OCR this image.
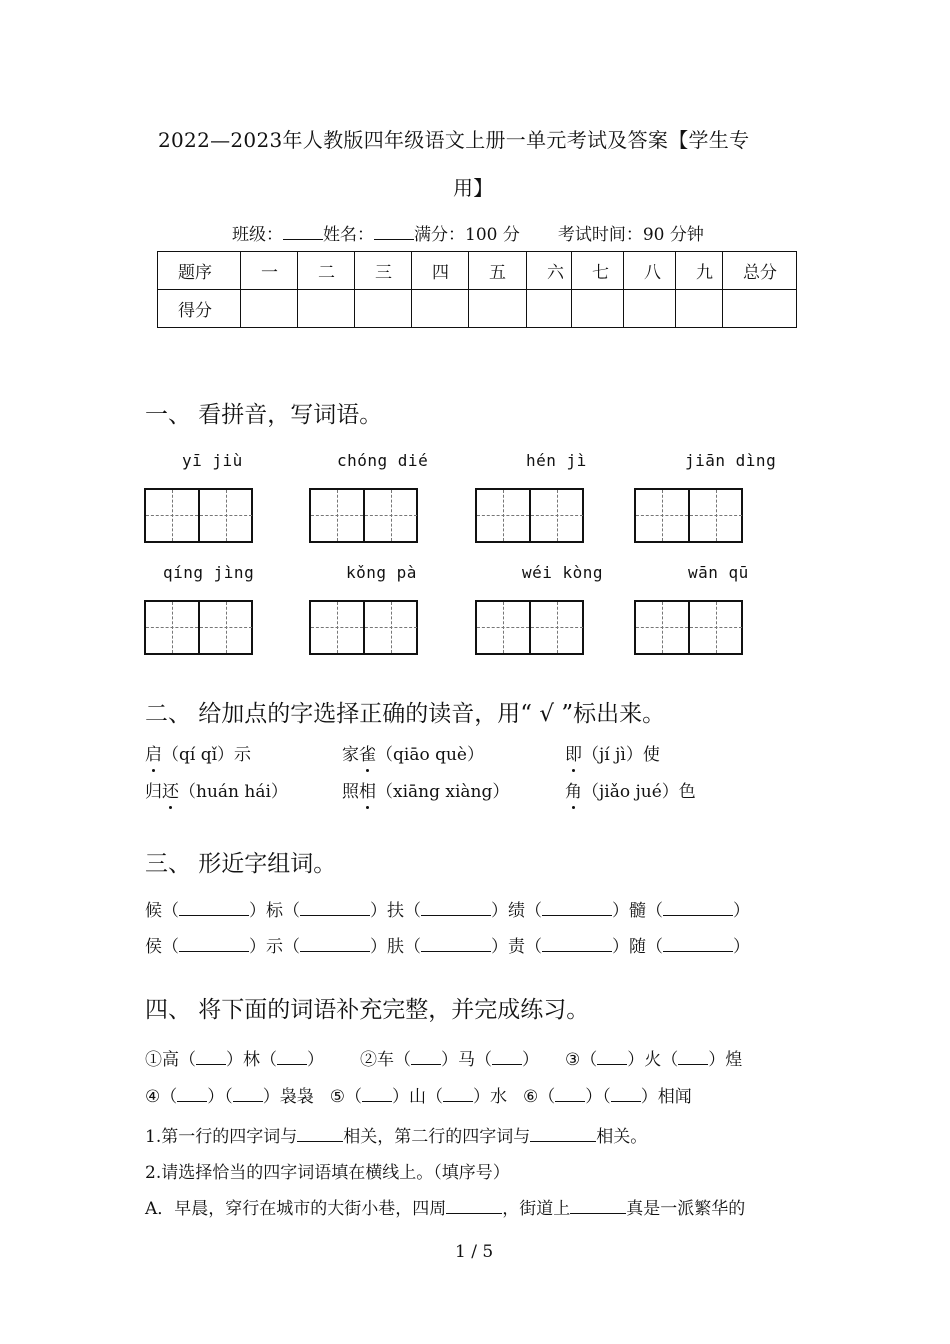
2022—2023年人教版四年级语文上册一单元考试及答案【学生专
用】
班级： 姓名： 满分：100 分 考试时间：90 分钟
题序	一	二	三	四	五	六	七	八	九	总分
得分										
一、 看拼音，写词语。
yī jiù	chóng dié	hén jì	jiān dìng
qíng jìng	kǒng pà	wéi kòng	wān qū
二、 给加点的字选择正确的读音，用“ √ ”标出来。
启（qí qǐ）示	家雀（qiāo què）	即（jí jì）使
归还（huán hái）	照相（xiāng xiàng）	角（jiǎo jué）色
三、 形近字组词。
候（	）标（	）扶（	）绩（	）髓（	）
侯（	）示（	）肤（	）责（	）随（	）
四、 将下面的词语补充完整，并完成练习。
①高（ ）林（ ） ②车（ ）马（ ） ③（ ）火（ ）煌
④（ ）（ ）袅袅 ⑤（ ）山（ ）水 ⑥（ ）（ ）相闻
1.第一行的四字词与	相关，第二行的四字词与	相关。
2.请选择恰当的四字词语填在横线上。（填序号）
A．早晨，穿行在城市的大街小巷，四周	，街道上	真是一派繁华的
1 / 5
